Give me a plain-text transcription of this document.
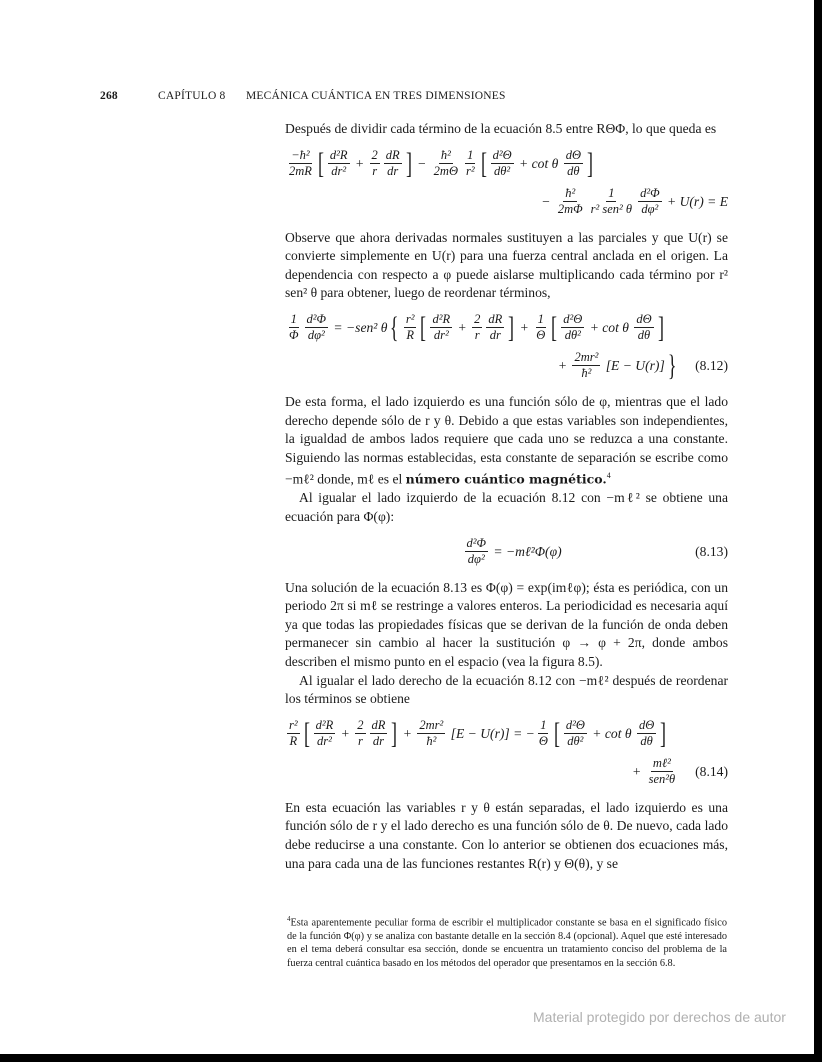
268	CAPÍTULO 8	MECÁNICA CUÁNTICA EN TRES DIMENSIONES

Después de dividir cada término de la ecuación 8.5 entre RΘΦ, lo que queda es

$\frac{\text{−ħ²}}{2mR}$ [ $\frac{\text{d²R}}{\text{dr²}} + \frac{2}{r} \frac{dR}{dr}$ ] − $\frac{\text{ħ²}}{2m\Theta} \frac{1}{\text{r²}}$ [ $\frac{\text{d²Θ}}{\text{dθ²}} + \cot \theta \frac{d\Theta}{d\theta}$ ]
− $\frac{\text{ħ²}}{2m\Phi} \frac{1}{\text{r² sen² θ}} \frac{\text{d²Φ}}{\text{dφ²}} + U(r) = E$

Observe que ahora derivadas normales sustituyen a las parciales y que U(r) se convierte simplemente en U(r) para una fuerza central anclada en el origen. La dependencia con respecto a φ puede aislarse multiplicando cada término por r² sen² θ para obtener, luego de reordenar términos,

$\frac{1}{\Phi} \frac{\text{d²Φ}}{\text{dφ²}} = -sen^2$ θ { $\frac{\text{r²}}{R}$ [ $\frac{\text{d²R}}{\text{dr²}} + \frac{2}{r} \frac{dR}{dr}$ ] + $\frac{1}{\Theta}$ [ $\frac{\text{d²Θ}}{\text{dθ²}} + \cot \theta \frac{d\Theta}{d\theta}$ ]
+ $\frac{\text{2mr²}}{\text{ħ²}} [E - U(r)]$ } (8.12)

De esta forma, el lado izquierdo es una función sólo de φ, mientras que el lado derecho depende sólo de r y θ. Debido a que estas variables son independientes, la igualdad de ambos lados requiere que cada uno se reduzca a una constante. Siguiendo las normas establecidas, esta constante de separación se escribe como −mℓ² donde, mℓ es el número cuántico magnético.$^4$

Al igualar el lado izquierdo de la ecuación 8.12 con −mℓ² se obtiene una ecuación para Φ(φ):

$\frac{\text{d²Φ}}{\text{dφ²}}$ = −mℓ²Φ(φ)	(8.13)

Una solución de la ecuación 8.13 es Φ(φ) = exp(imℓφ); ésta es periódica, con un periodo 2π si mℓ se restringe a valores enteros. La periodicidad es necesaria aquí ya que todas las propiedades físicas que se derivan de la función de onda deben permanecer sin cambio al hacer la sustitución φ → φ + 2π, donde ambos describen el mismo punto en el espacio (vea la figura 8.5).

Al igualar el lado derecho de la ecuación 8.12 con −mℓ² después de reordenar los términos se obtiene

$\frac{\text{r²}}{R}$ [ $\frac{\text{d²R}}{\text{dr²}} + \frac{2}{r} \frac{dR}{dr}$ ] + $\frac{\text{2mr²}}{\text{ħ²}} [E - U(r)]$ = − $\frac{1}{\Theta}$ [ $\frac{\text{d²Θ}}{\text{dθ²}} + \cot \theta \frac{d\Theta}{d\theta}$ ]
+ $\frac{\text{mℓ²}}{\text{sen²θ}} (8.14)$

En esta ecuación las variables r y θ están separadas, el lado izquierdo es una función sólo de r y el lado derecho es una función sólo de θ. De nuevo, cada lado debe reducirse a una constante. Con lo anterior se obtienen dos ecuaciones más, una para cada una de las funciones restantes R(r) y Θ(θ), y se

$^4$Esta aparentemente peculiar forma de escribir el multiplicador constante se basa en el significado físico de la función Φ(φ) y se analiza con bastante detalle en la sección 8.4 (opcional). Aquel que esté interesado en el tema deberá consultar esa sección, donde se encuentra un tratamiento conciso del problema de la fuerza central cuántica basado en los métodos del operador que presentamos en la sección 6.8.
Material protegido por derechos de autor
